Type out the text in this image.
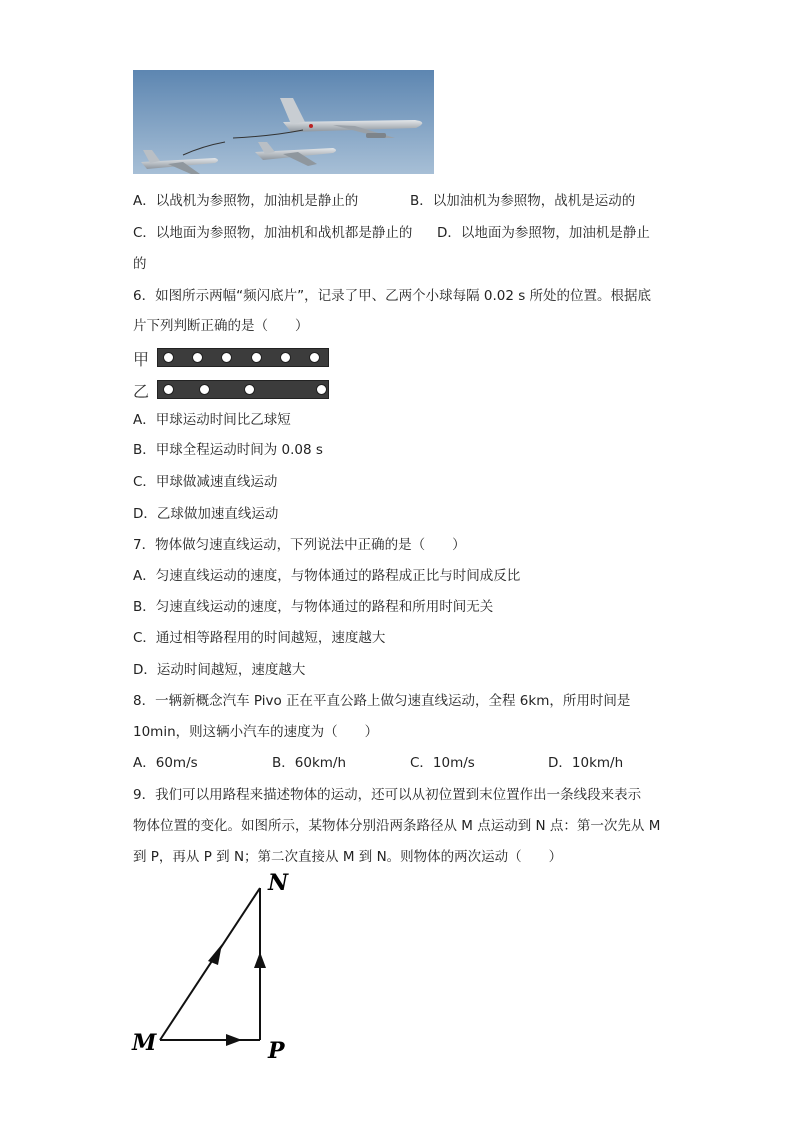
A．以战机为参照物，加油机是静止的	B．以加油机为参照物，战机是运动的
C．以地面为参照物，加油机和战机都是静止的 D．以地面为参照物，加油机是静止
的
6．如图所示两幅“频闪底片”，记录了甲、乙两个小球每隔 0.02 s 所处的位置。根据底
片下列判断正确的是（　　）
甲
乙
A．甲球运动时间比乙球短
B．甲球全程运动时间为 0.08 s
C．甲球做减速直线运动
D．乙球做加速直线运动
7．物体做匀速直线运动，下列说法中正确的是（　　）
A．匀速直线运动的速度，与物体通过的路程成正比与时间成反比
B．匀速直线运动的速度，与物体通过的路程和所用时间无关
C．通过相等路程用的时间越短，速度越大
D．运动时间越短，速度越大
8．一辆新概念汽车 Pivo 正在平直公路上做匀速直线运动，全程 6km，所用时间是
10min，则这辆小汽车的速度为（　　）
A．60m/s	B．60km/h	C．10m/s	D．10km/h
9．我们可以用路程来描述物体的运动，还可以从初位置到末位置作出一条线段来表示
物体位置的变化。如图所示，某物体分别沿两条路径从 M 点运动到 N 点：第一次先从 M
到 P，再从 P 到 N；第二次直接从 M 到 N。则物体的两次运动（　　）
N
M	P
